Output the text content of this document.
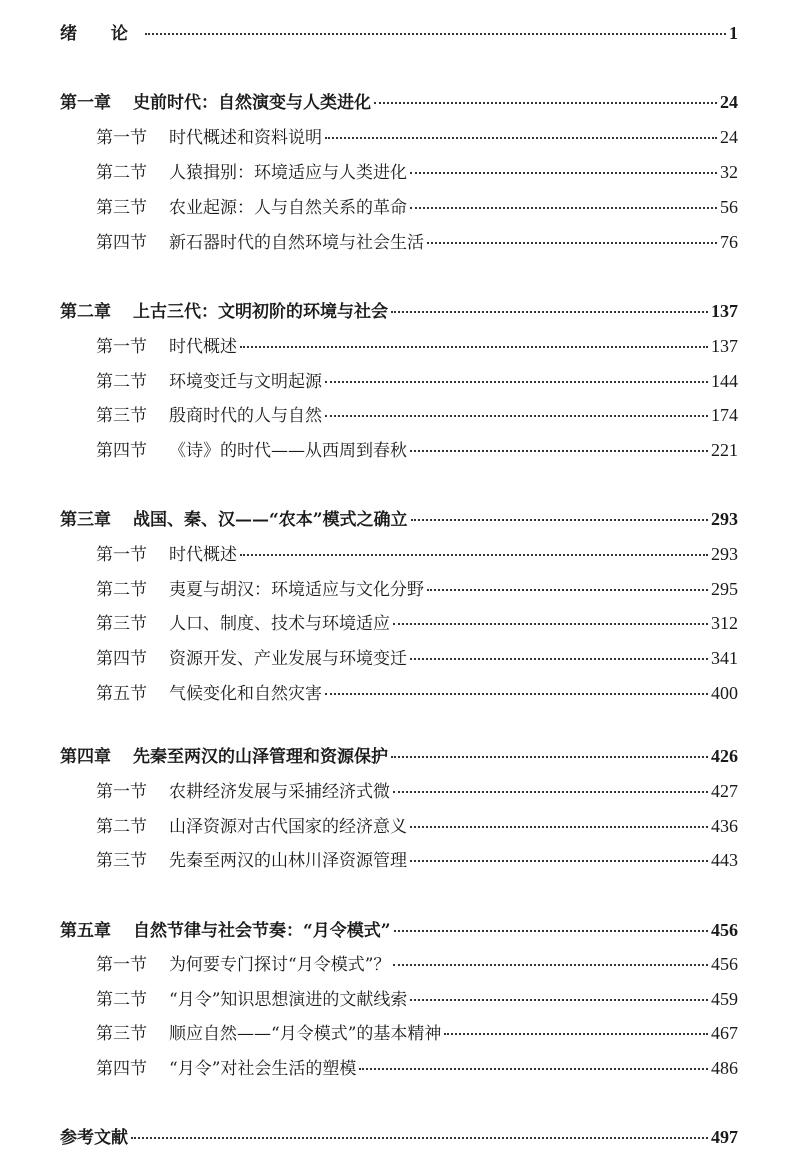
绪 论	1
第一章 史前时代：自然演变与人类进化	24
第一节 时代概述和资料说明	24
第二节 人猿揖别：环境适应与人类进化	32
第三节 农业起源：人与自然关系的革命	56
第四节 新石器时代的自然环境与社会生活	76
第二章 上古三代：文明初阶的环境与社会	137
第一节 时代概述	137
第二节 环境变迁与文明起源	144
第三节 殷商时代的人与自然	174
第四节 《诗》的时代——从西周到春秋	221
第三章 战国、秦、汉——“农本”模式之确立	293
第一节 时代概述	293
第二节 夷夏与胡汉：环境适应与文化分野	295
第三节 人口、制度、技术与环境适应	312
第四节 资源开发、产业发展与环境变迁	341
第五节 气候变化和自然灾害	400
第四章 先秦至两汉的山泽管理和资源保护	426
第一节 农耕经济发展与采捕经济式微	427
第二节 山泽资源对古代国家的经济意义	436
第三节 先秦至两汉的山林川泽资源管理	443
第五章 自然节律与社会节奏：“月令模式”	456
第一节 为何要专门探讨“月令模式”？	456
第二节 “月令”知识思想演进的文献线索	459
第三节 顺应自然——“月令模式”的基本精神	467
第四节 “月令”对社会生活的塑模	486
参考文献	497
